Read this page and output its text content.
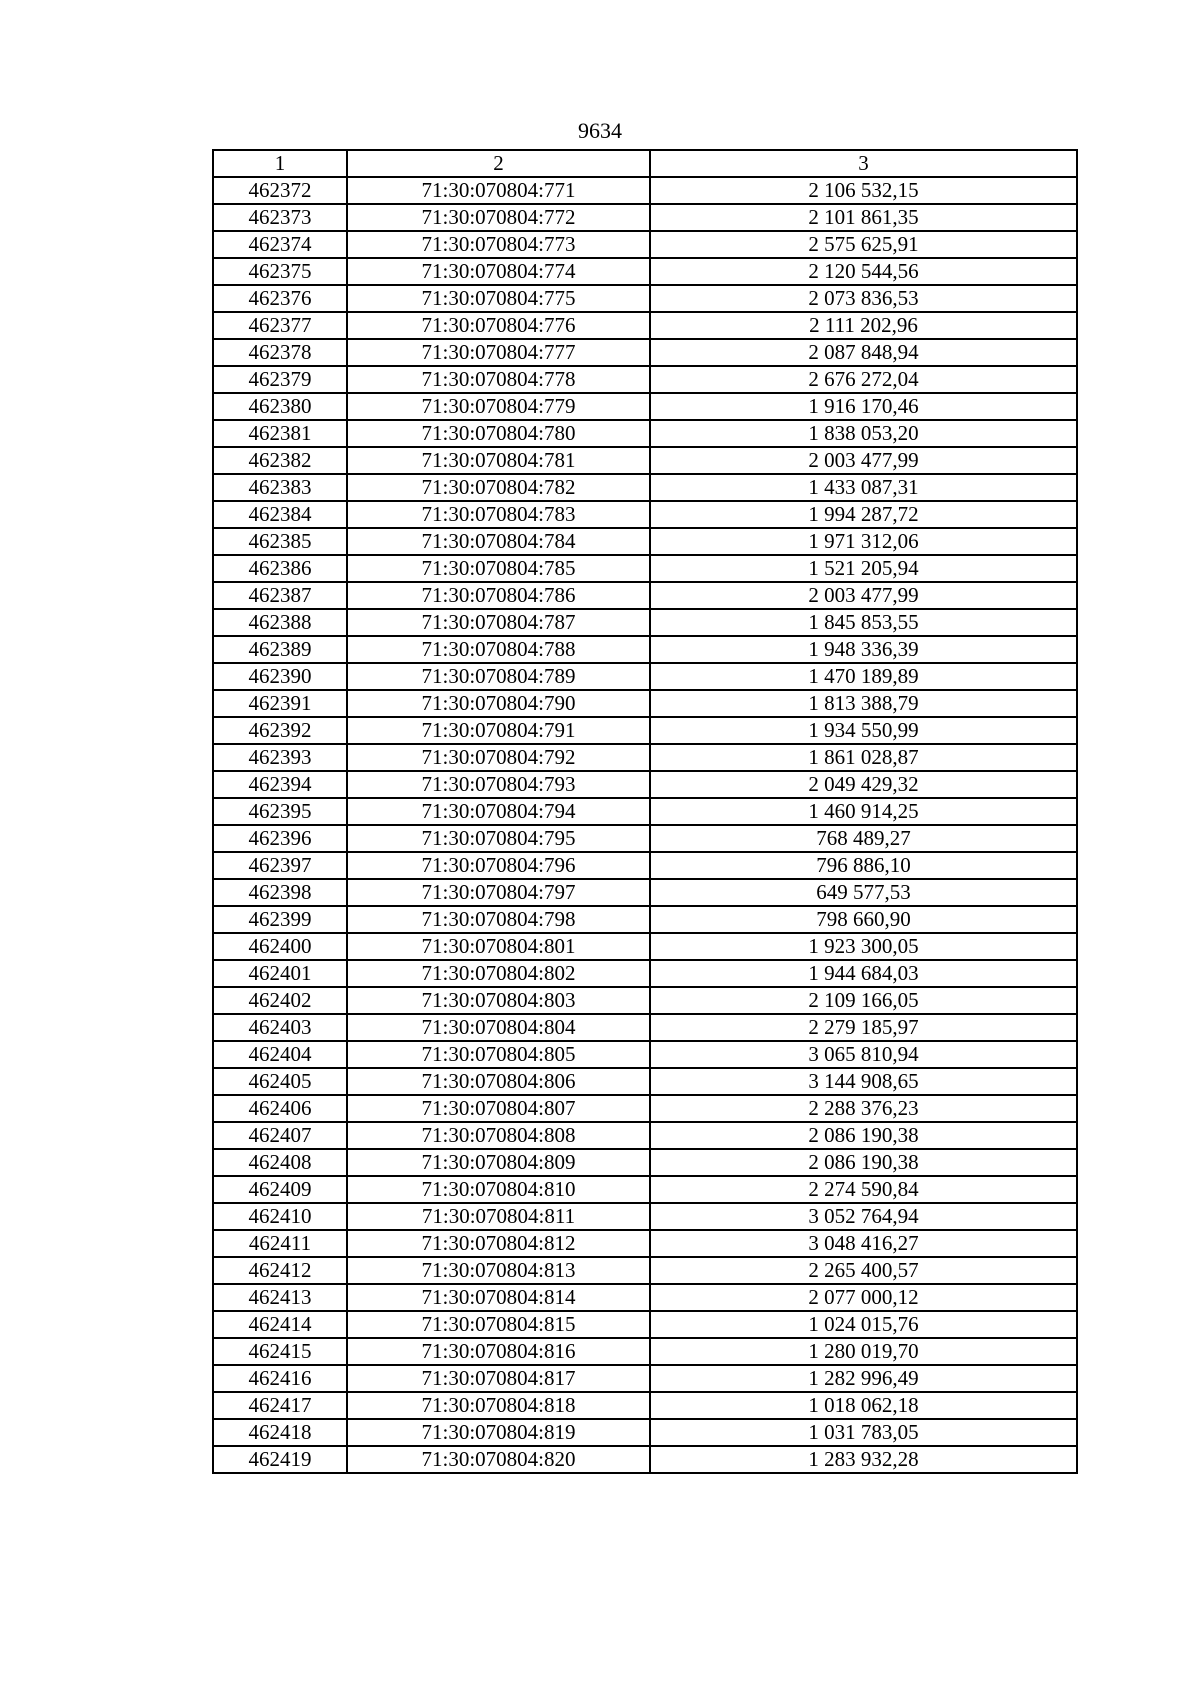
9634
1	2	3
462372	71:30:070804:771	2 106 532,15
462373	71:30:070804:772	2 101 861,35
462374	71:30:070804:773	2 575 625,91
462375	71:30:070804:774	2 120 544,56
462376	71:30:070804:775	2 073 836,53
462377	71:30:070804:776	2 111 202,96
462378	71:30:070804:777	2 087 848,94
462379	71:30:070804:778	2 676 272,04
462380	71:30:070804:779	1 916 170,46
462381	71:30:070804:780	1 838 053,20
462382	71:30:070804:781	2 003 477,99
462383	71:30:070804:782	1 433 087,31
462384	71:30:070804:783	1 994 287,72
462385	71:30:070804:784	1 971 312,06
462386	71:30:070804:785	1 521 205,94
462387	71:30:070804:786	2 003 477,99
462388	71:30:070804:787	1 845 853,55
462389	71:30:070804:788	1 948 336,39
462390	71:30:070804:789	1 470 189,89
462391	71:30:070804:790	1 813 388,79
462392	71:30:070804:791	1 934 550,99
462393	71:30:070804:792	1 861 028,87
462394	71:30:070804:793	2 049 429,32
462395	71:30:070804:794	1 460 914,25
462396	71:30:070804:795	768 489,27
462397	71:30:070804:796	796 886,10
462398	71:30:070804:797	649 577,53
462399	71:30:070804:798	798 660,90
462400	71:30:070804:801	1 923 300,05
462401	71:30:070804:802	1 944 684,03
462402	71:30:070804:803	2 109 166,05
462403	71:30:070804:804	2 279 185,97
462404	71:30:070804:805	3 065 810,94
462405	71:30:070804:806	3 144 908,65
462406	71:30:070804:807	2 288 376,23
462407	71:30:070804:808	2 086 190,38
462408	71:30:070804:809	2 086 190,38
462409	71:30:070804:810	2 274 590,84
462410	71:30:070804:811	3 052 764,94
462411	71:30:070804:812	3 048 416,27
462412	71:30:070804:813	2 265 400,57
462413	71:30:070804:814	2 077 000,12
462414	71:30:070804:815	1 024 015,76
462415	71:30:070804:816	1 280 019,70
462416	71:30:070804:817	1 282 996,49
462417	71:30:070804:818	1 018 062,18
462418	71:30:070804:819	1 031 783,05
462419	71:30:070804:820	1 283 932,28
